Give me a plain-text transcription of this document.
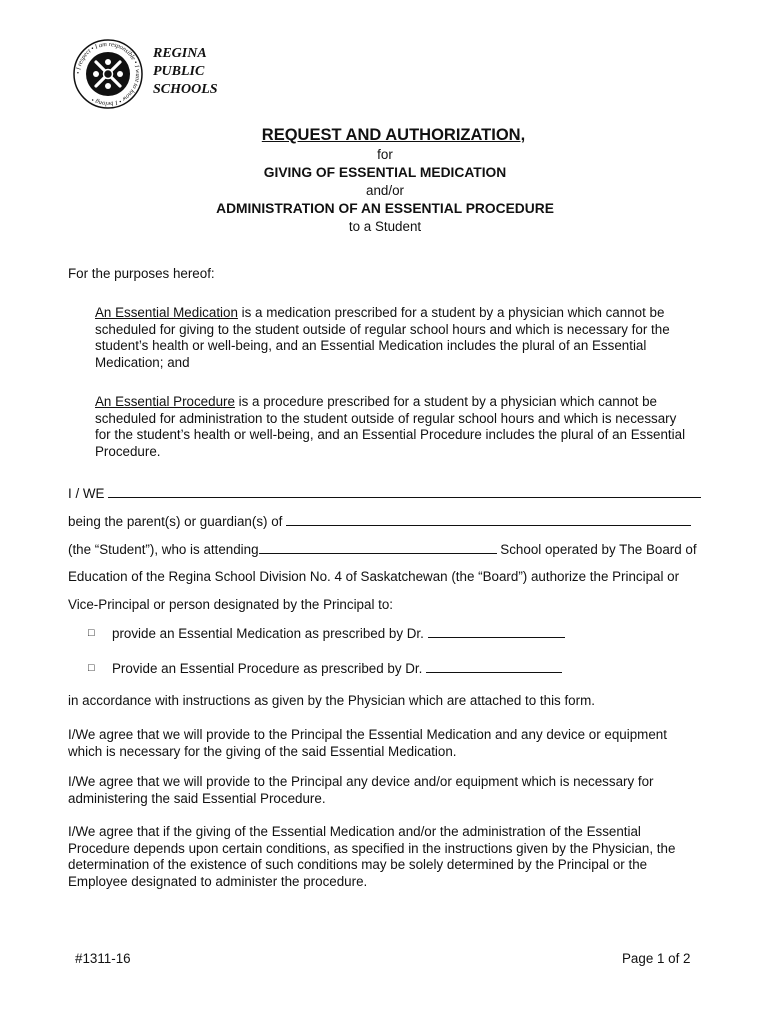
• I respect • I am responsible • I want to know • I belong •
REGINA
PUBLIC
SCHOOLS
REQUEST AND AUTHORIZATION,
for
GIVING OF ESSENTIAL MEDICATION
and/or
ADMINISTRATION OF AN ESSENTIAL PROCEDURE
to a Student
For the purposes hereof:
An Essential Medication is a medication prescribed for a student by a physician which cannot be
scheduled for giving to the student outside of regular school hours and which is necessary for the
student’s health or well-being, and an Essential Medication includes the plural of an Essential
Medication; and
An Essential Procedure is a procedure prescribed for a student by a physician which cannot be
scheduled for administration to the student outside of regular school hours and which is necessary
for the student’s health or well-being, and an Essential Procedure includes the plural of an Essential
Procedure.
I / WE
being the parent(s) or guardian(s) of
(the “Student”), who is attending	School operated by The Board of
Education of the Regina School Division No. 4 of Saskatchewan (the “Board”) authorize the Principal or
Vice-Principal or person designated by the Principal to:
□ provide an Essential Medication as prescribed by Dr.
□ Provide an Essential Procedure as prescribed by Dr.
in accordance with instructions as given by the Physician which are attached to this form.
I/We agree that we will provide to the Principal the Essential Medication and any device or equipment
which is necessary for the giving of the said Essential Medication.
I/We agree that we will provide to the Principal any device and/or equipment which is necessary for
administering the said Essential Procedure.
I/We agree that if the giving of the Essential Medication and/or the administration of the Essential
Procedure depends upon certain conditions, as specified in the instructions given by the Physician, the
determination of the existence of such conditions may be solely determined by the Principal or the
Employee designated to administer the procedure.
#1311-16	Page 1 of 2
